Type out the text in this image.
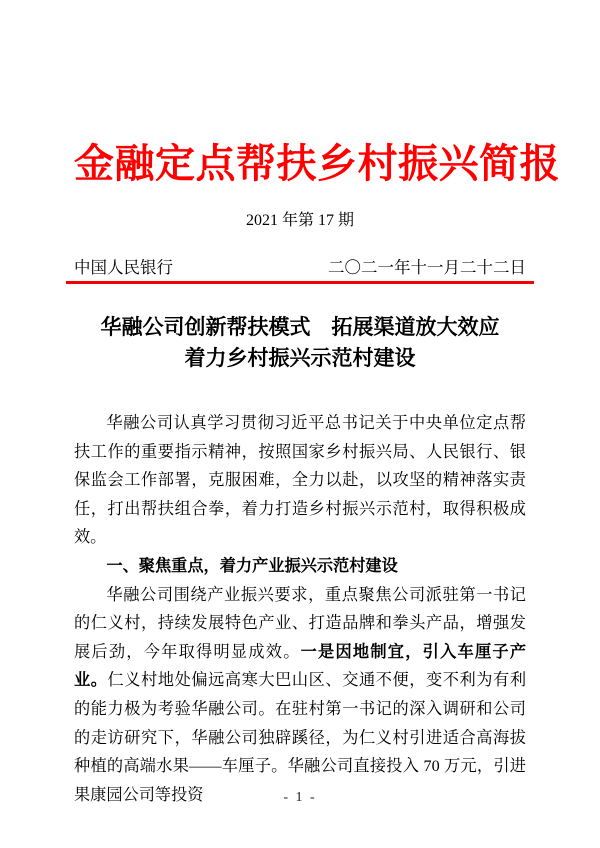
金融定点帮扶乡村振兴简报
2021 年第 17 期
中国人民银行	二〇二一年十一月二十二日
华融公司创新帮扶模式　拓展渠道放大效应
着力乡村振兴示范村建设

华融公司认真学习贯彻习近平总书记关于中央单位定点帮扶工作的重要指示精神，按照国家乡村振兴局、人民银行、银保监会工作部署，克服困难，全力以赴，以攻坚的精神落实责任，打出帮扶组合拳，着力打造乡村振兴示范村，取得积极成效。

一、聚焦重点，着力产业振兴示范村建设

华融公司围绕产业振兴要求，重点聚焦公司派驻第一书记的仁义村，持续发展特色产业、打造品牌和拳头产品，增强发展后劲，今年取得明显成效。一是因地制宜，引入车厘子产业。仁义村地处偏远高寒大巴山区、交通不便，变不利为有利的能力极为考验华融公司。在驻村第一书记的深入调研和公司的走访研究下，华融公司独辟蹊径，为仁义村引进适合高海拔种植的高端水果——车厘子。华融公司直接投入 70 万元，引进果康园公司等投资	- 1 -
